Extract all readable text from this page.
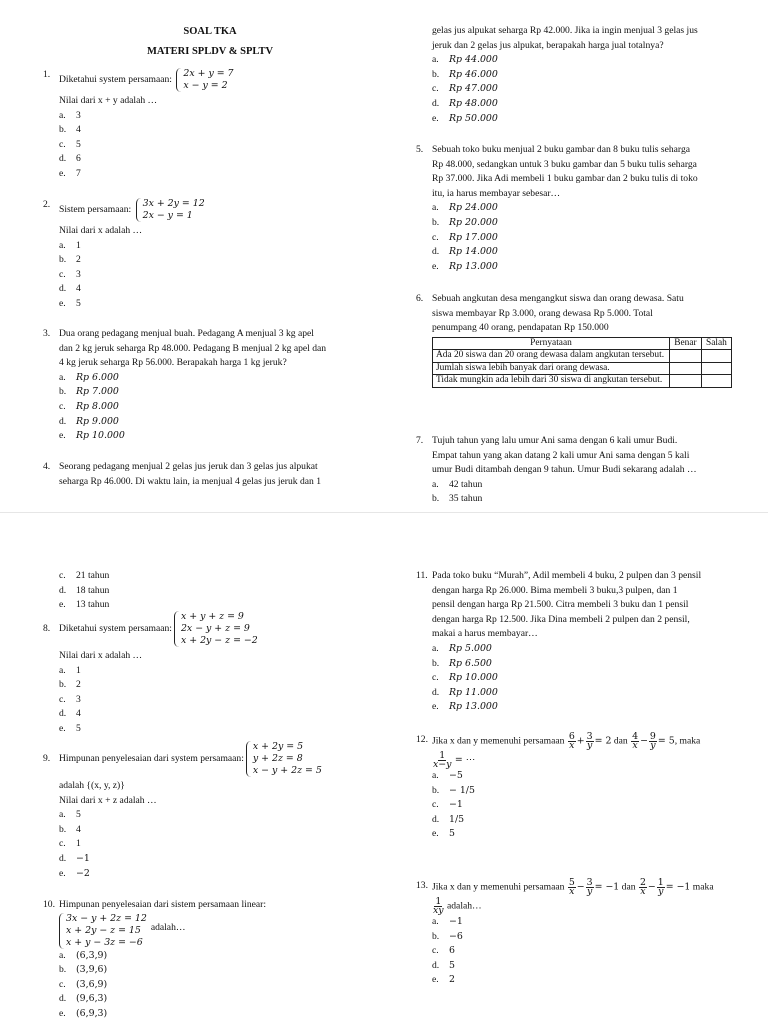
SOAL TKA
MATERI SPLDV & SPLTV
1. Diketahui system persamaan:
2x + y = 7
x − y = 2
Nilai dari x + y adalah …
a. 3
b. 4
c. 5
d. 6
e. 7
2. Sistem persamaan:
3x + 2y = 12
2x − y = 1
Nilai dari x adalah …
a. 1
b. 2
c. 3
d. 4
e. 5
3. Dua orang pedagang menjual buah. Pedagang A menjual 3 kg apel
dan 2 kg jeruk seharga Rp 48.000. Pedagang B menjual 2 kg apel dan
4 kg jeruk seharga Rp 56.000. Berapakah harga 1 kg jeruk?
a. Rp 6.000
b. Rp 7.000
c. Rp 8.000
d. Rp 9.000
e. Rp 10.000
4. Seorang pedagang menjual 2 gelas jus jeruk dan 3 gelas jus alpukat
seharga Rp 46.000. Di waktu lain, ia menjual 4 gelas jus jeruk dan 1
gelas jus alpukat seharga Rp 42.000. Jika ia ingin menjual 3 gelas jus
jeruk dan 2 gelas jus alpukat, berapakah harga jual totalnya?
a. Rp 44.000
b. Rp 46.000
c. Rp 47.000
d. Rp 48.000
e. Rp 50.000
5. Sebuah toko buku menjual 2 buku gambar dan 8 buku tulis seharga
Rp 48.000, sedangkan untuk 3 buku gambar dan 5 buku tulis seharga
Rp 37.000. Jika Adi membeli 1 buku gambar dan 2 buku tulis di toko
itu, ia harus membayar sebesar…
a. Rp 24.000
b. Rp 20.000
c. Rp 17.000
d. Rp 14.000
e. Rp 13.000
6. Sebuah angkutan desa mengangkut siswa dan orang dewasa. Satu
siswa membayar Rp 3.000, orang dewasa Rp 5.000. Total
penumpang 40 orang, pendapatan Rp 150.000
Pernyataan	Benar	Salah
Ada 20 siswa dan 20 orang dewasa dalam angkutan tersebut.		
Jumlah siswa lebih banyak dari orang dewasa.		
Tidak mungkin ada lebih dari 30 siswa di angkutan tersebut.		
7. Tujuh tahun yang lalu umur Ani sama dengan 6 kali umur Budi.
Empat tahun yang akan datang 2 kali umur Ani sama dengan 5 kali
umur Budi ditambah dengan 9 tahun. Umur Budi sekarang adalah …
a. 42 tahun
b. 35 tahun
c. 21 tahun
d. 18 tahun
e. 13 tahun
8. Diketahui system persamaan:
x + y + z = 9
2x − y + z = 9
x + 2y − z = −2
Nilai dari x adalah …
a. 1
b. 2
c. 3
d. 4
e. 5
9. Himpunan penyelesaian dari system persamaan:
x + 2y = 5
y + 2z = 8
x − y + 2z = 5
adalah {(x, y, z)}
Nilai dari x + z adalah …
a. 5
b. 4
c. 1
d. −1
e. −2
10. Himpunan penyelesaian dari sistem persamaan linear:
3x − y + 2z = 12
x + 2y − z = 15
x + y − 3z = −6
adalah…
a. (6,3,9)
b. (3,9,6)
c. (3,6,9)
d. (9,6,3)
e. (6,9,3)
11. Pada toko buku “Murah”, Adil membeli 4 buku, 2 pulpen dan 3 pensil
dengan harga Rp 26.000. Bima membeli 3 buku,3 pulpen, dan 1
pensil dengan harga Rp 21.500. Citra membeli 3 buku dan 1 pensil
dengan harga Rp 12.500. Jika Dina membeli 2 pulpen dan 2 pensil,
makai a harus membayar…
a. Rp 5.000
b. Rp 6.500
c. Rp 10.000
d. Rp 11.000
e. Rp 13.000
12. Jika x dan y memenuhi persamaan $\frac{6}{x} + \frac{3}{y} = 2$ dan $\frac{4}{x} - \frac{9}{y} = 5$, maka
$\frac{1}{x-y}$ = ⋯
a. −5
b. − 1/5
c. −1
d. 1/5
e. 5
13. Jika x dan y memenuhi persamaan $\frac{5}{x} - \frac{3}{y} = -1$ dan $\frac{2}{x} - \frac{1}{y} = -1$ maka
$\frac{1}{xy}$ adalah…
a. −1
b. −6
c. 6
d. 5
e. 2
